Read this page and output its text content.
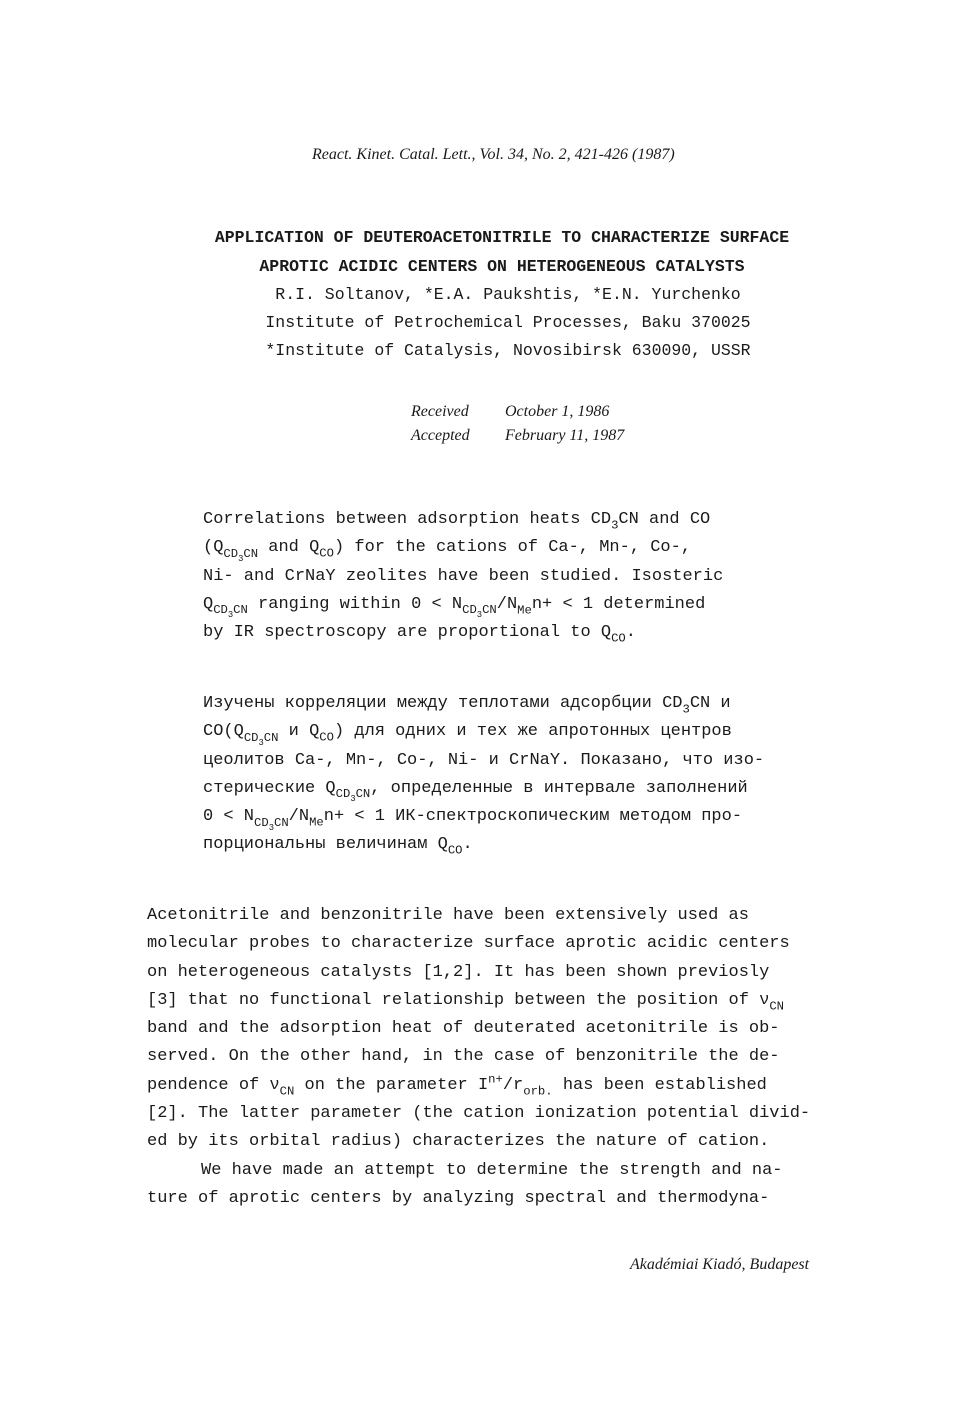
React. Kinet. Catal. Lett., Vol. 34, No. 2, 421-426 (1987)
APPLICATION OF DEUTEROACETONITRILE TO CHARACTERIZE SURFACE
APROTIC ACIDIC CENTERS ON HETEROGENEOUS CATALYSTS
R.I. Soltanov, *E.A. Paukshtis, *E.N. Yurchenko
Institute of Petrochemical Processes, Baku 370025
*Institute of Catalysis, Novosibirsk 630090, USSR
Received October 1, 1986
Accepted February 11, 1987
Correlations between adsorption heats $CD_3CN$ and CO
($Q_{CD_3CN}$ and $Q_{CO}$) for the cations of Ca-, Mn-, Co-,
Ni- and CrNaY zeolites have been studied. Isosteric
$Q_{CD_3CN}$ ranging within $0 < N_{CD_3CN}/N_{Me}n+ < 1$ determined
by IR spectroscopy are proportional to $Q_{CO}$.
Изучены корреляции между теплотами адсорбции $CD_3CN$ и
$CO(Q_{CD_3CN}$ и $Q_{CO}$) для одних и тех же апротонных центров
цеолитов Ca-, Mn-, Co-, Ni- и CrNaY. Показано, что изо-
стерические $Q_{CD_3CN}$, определенные в интервале заполнений
$0 < N_{CD_3CN}/N_{Me}n+ < 1$ ИК-спектроскопическим методом про-
порциональны величинам $Q_{CO}$.
Acetonitrile and benzonitrile have been extensively used as
molecular probes to characterize surface aprotic acidic centers
on heterogeneous catalysts [1,2]. It has been shown previosly
[3] that no functional relationship between the position of $\nu_{CN}$
band and the adsorption heat of deuterated acetonitrile is ob-
served. On the other hand, in the case of benzonitrile the de-
pendence of $\nu_{CN}$ on the parameter $I^{n+}/r_{orb.}$ has been established
[2]. The latter parameter (the cation ionization potential divid-
ed by its orbital radius) characterizes the nature of cation.
We have made an attempt to determine the strength and na-
ture of aprotic centers by analyzing spectral and thermodyna-
Akadémiai Kiadó, Budapest
